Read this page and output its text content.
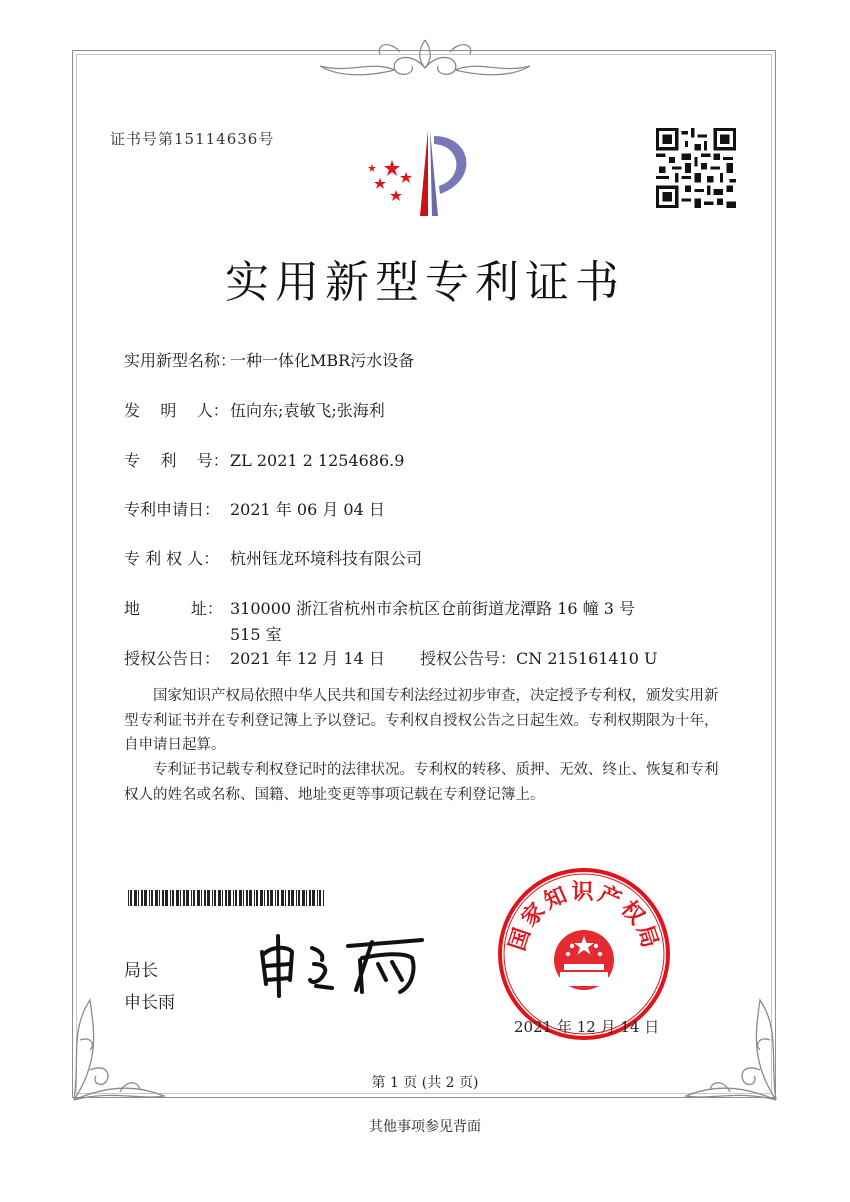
证书号第15114636号
实用新型专利证书
实用新型名称：一种一体化MBR污水设备
发    明    人：伍向东;袁敏飞;张海利
专    利    号：ZL 2021 2 1254686.9
专利申请日： 2021 年 06 月 04 日
专 利 权 人： 杭州钰龙环境科技有限公司
地          址： 310000 浙江省杭州市余杭区仓前街道龙潭路 16 幢 3 号 515 室
授权公告日： 2021 年 12 月 14 日 授权公告号：CN 215161410 U
国家知识产权局依照中华人民共和国专利法经过初步审查，决定授予专利权，颁发实用新型专利证书并在专利登记簿上予以登记。专利权自授权公告之日起生效。专利权期限为十年，自申请日起算。
专利证书记载专利权登记时的法律状况。专利权的转移、质押、无效、终止、恢复和专利权人的姓名或名称、国籍、地址变更等事项记载在专利登记簿上。
局长
申长雨
国家知识产权局
2021 年 12 月 14 日
第 1 页 (共 2 页)
其他事项参见背面
